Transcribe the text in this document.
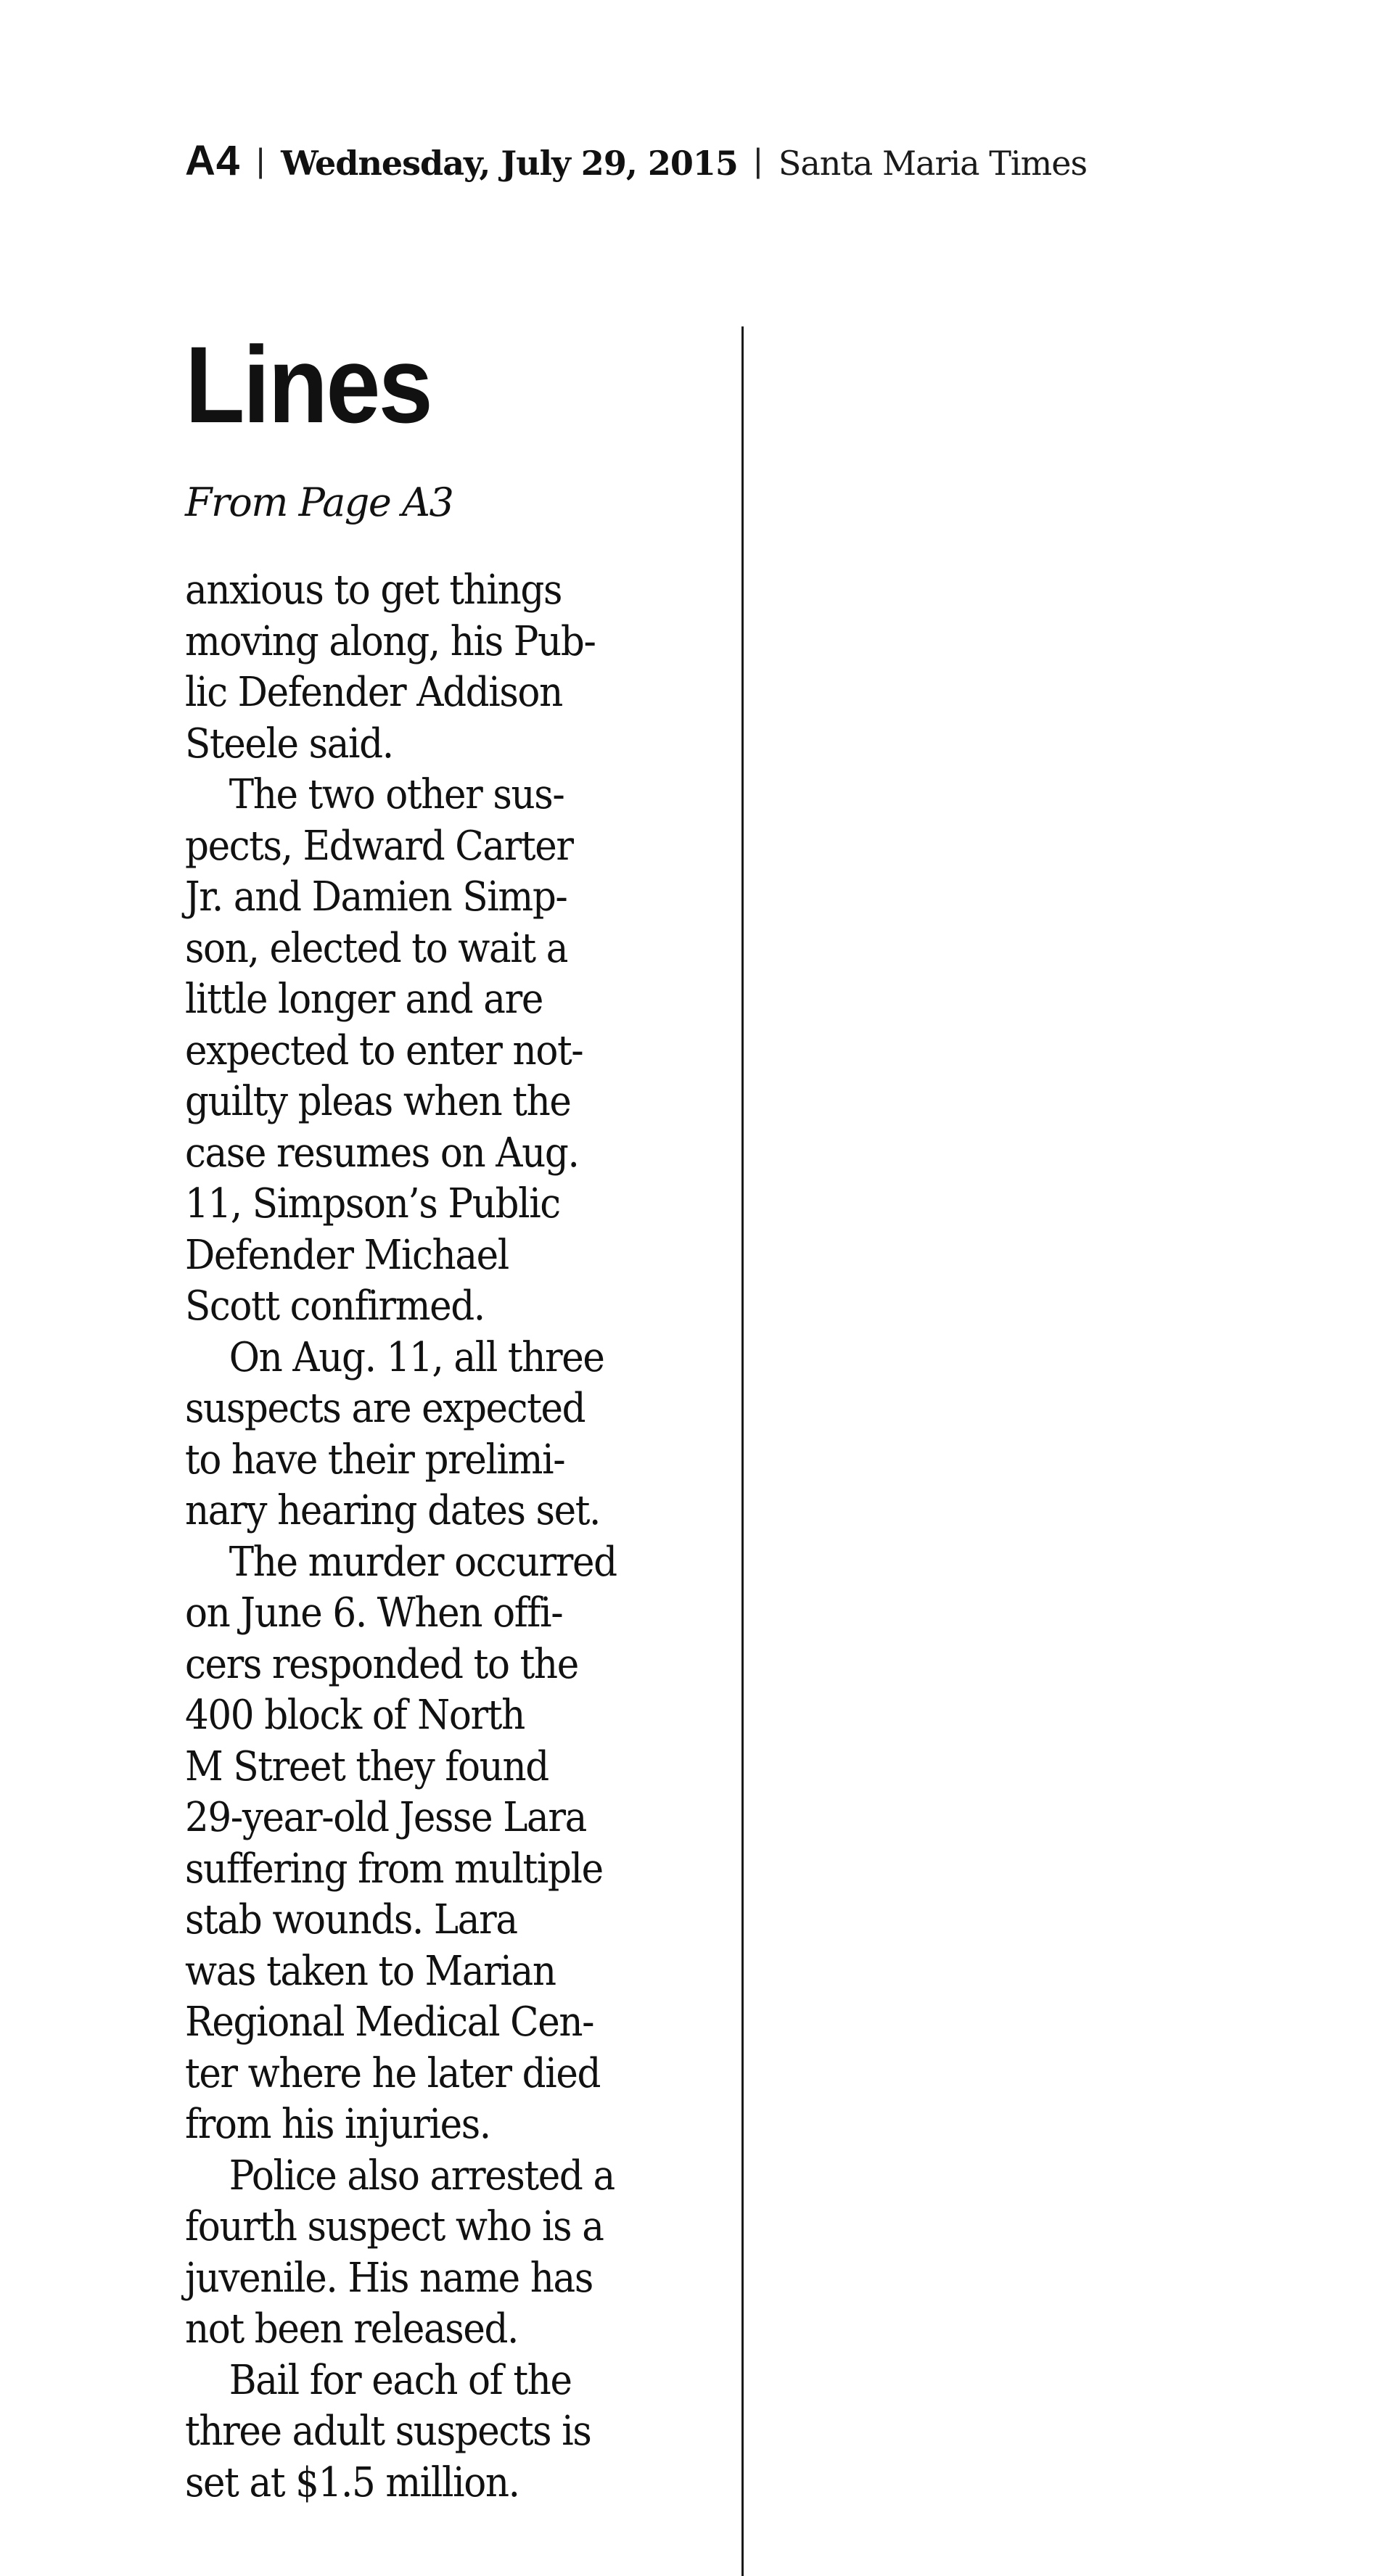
A4 | Wednesday, July 29, 2015 | Santa Maria Times
Lines
From Page A3

anxious to get things
moving along, his Pub-
lic Defender Addison
Steele said.

The two other sus-
pects, Edward Carter
Jr. and Damien Simp-
son, elected to wait a
little longer and are
expected to enter not-
guilty pleas when the
case resumes on Aug.
11, Simpson’s Public
Defender Michael
Scott confirmed.

On Aug. 11, all three
suspects are expected
to have their prelimi-
nary hearing dates set.

The murder occurred
on June 6. When offi-
cers responded to the
400 block of North
M Street they found
29-year-old Jesse Lara
suffering from multiple
stab wounds. Lara
was taken to Marian
Regional Medical Cen-
ter where he later died
from his injuries.

Police also arrested a
fourth suspect who is a
juvenile. His name has
not been released.

Bail for each of the
three adult suspects is
set at $1.5 million.
